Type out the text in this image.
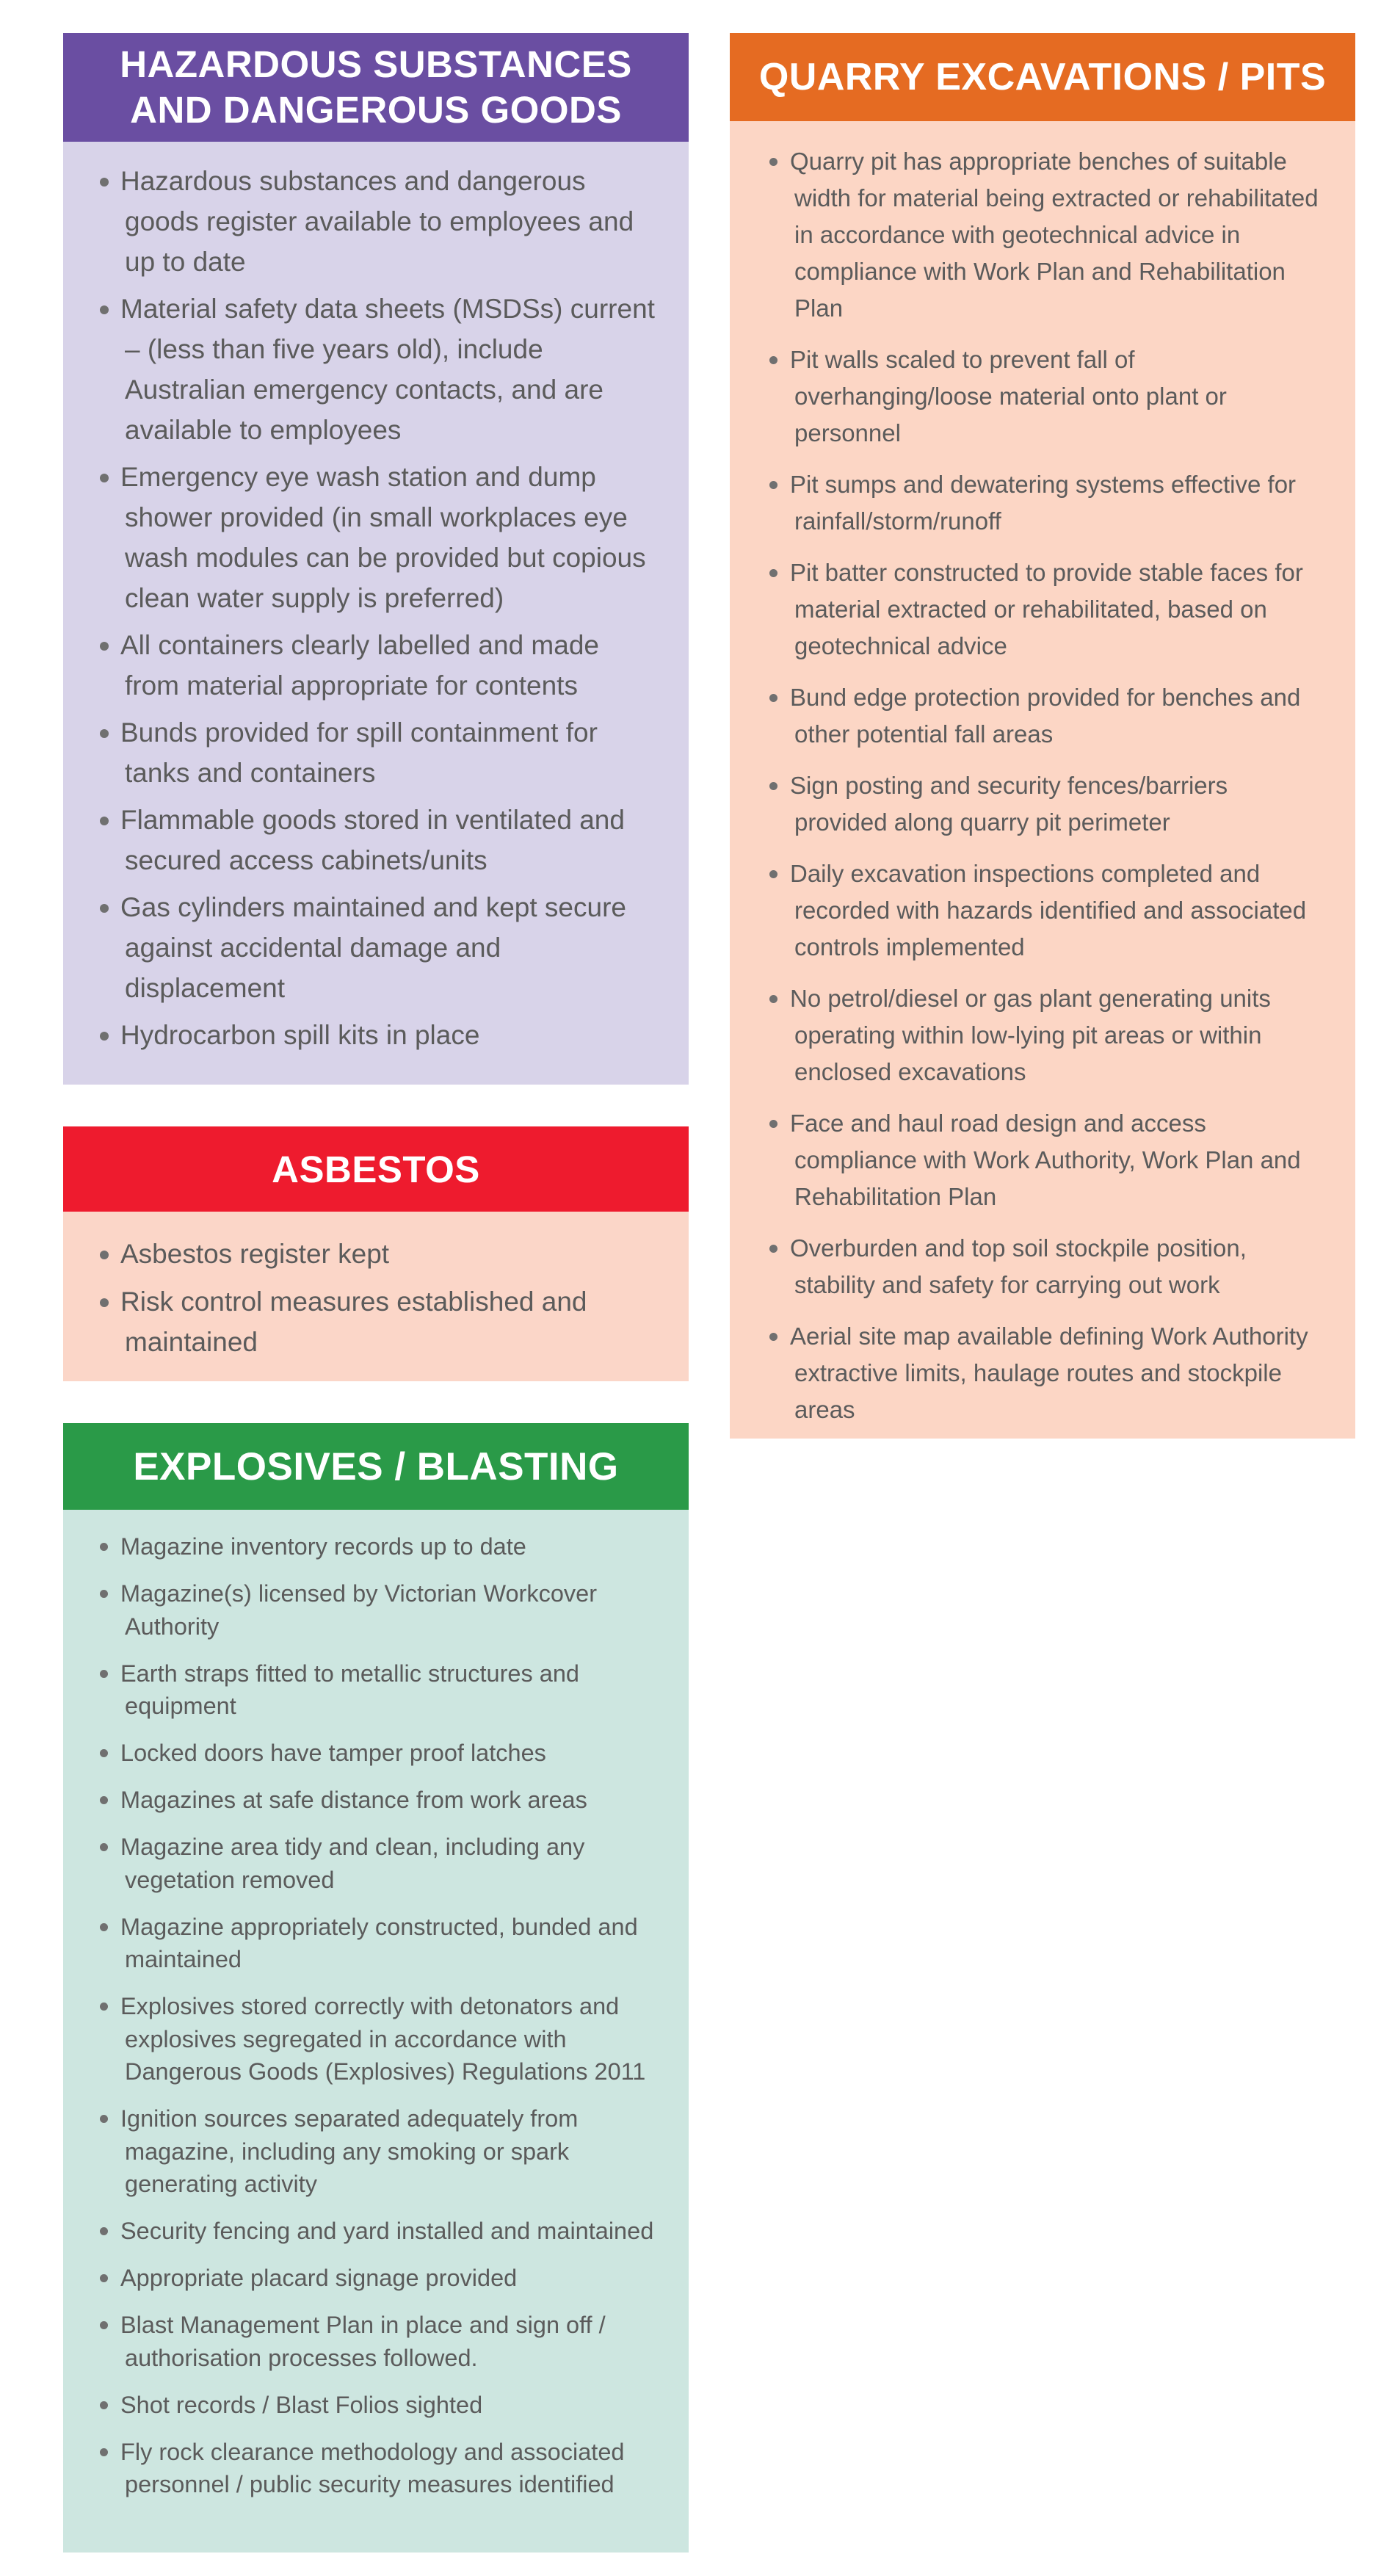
HAZARDOUS SUBSTANCES
AND DANGEROUS GOODS
Hazardous substances and dangerous goods register available to employees and up to date
Material safety data sheets (MSDSs) current – (less than five years old), include Australian emergency contacts, and are available to employees
Emergency eye wash station and dump shower provided (in small workplaces eye wash modules can be provided but copious clean water supply is preferred)
All containers clearly labelled and made from material appropriate for contents
Bunds provided for spill containment for tanks and containers
Flammable goods stored in ventilated and secured access cabinets/units
Gas cylinders maintained and kept secure against accidental damage and displacement
Hydrocarbon spill kits in place
ASBESTOS
Asbestos register kept
Risk control measures established and maintained
EXPLOSIVES / BLASTING
Magazine inventory records up to date
Magazine(s) licensed by Victorian Workcover Authority
Earth straps fitted to metallic structures and equipment
Locked doors have tamper proof latches
Magazines at safe distance from work areas
Magazine area tidy and clean, including any vegetation removed
Magazine appropriately constructed, bunded and maintained
Explosives stored correctly with detonators and explosives segregated in accordance with Dangerous Goods (Explosives) Regulations 2011
Ignition sources separated adequately from magazine, including any smoking or spark generating activity
Security fencing and yard installed and maintained
Appropriate placard signage provided
Blast Management Plan in place and sign off / authorisation processes followed.
Shot records / Blast Folios sighted
Fly rock clearance methodology and associated personnel / public security measures identified
QUARRY EXCAVATIONS / PITS
Quarry pit has appropriate benches of suitable width for material being extracted or rehabilitated in accordance with geotechnical advice in compliance with Work Plan and Rehabilitation Plan
Pit walls scaled to prevent fall of overhanging/loose material onto plant or personnel
Pit sumps and dewatering systems effective for rainfall/storm/runoff
Pit batter constructed to provide stable faces for material extracted or rehabilitated, based on geotechnical advice
Bund edge protection provided for benches and other potential fall areas
Sign posting and security fences/barriers provided along quarry pit perimeter
Daily excavation inspections completed and recorded with hazards identified and associated controls implemented
No petrol/diesel or gas plant generating units operating within low-lying pit areas or within enclosed excavations
Face and haul road design and access compliance with Work Authority, Work Plan and Rehabilitation Plan
Overburden and top soil stockpile position, stability and safety for carrying out work
Aerial site map available defining Work Authority extractive limits, haulage routes and stockpile areas
